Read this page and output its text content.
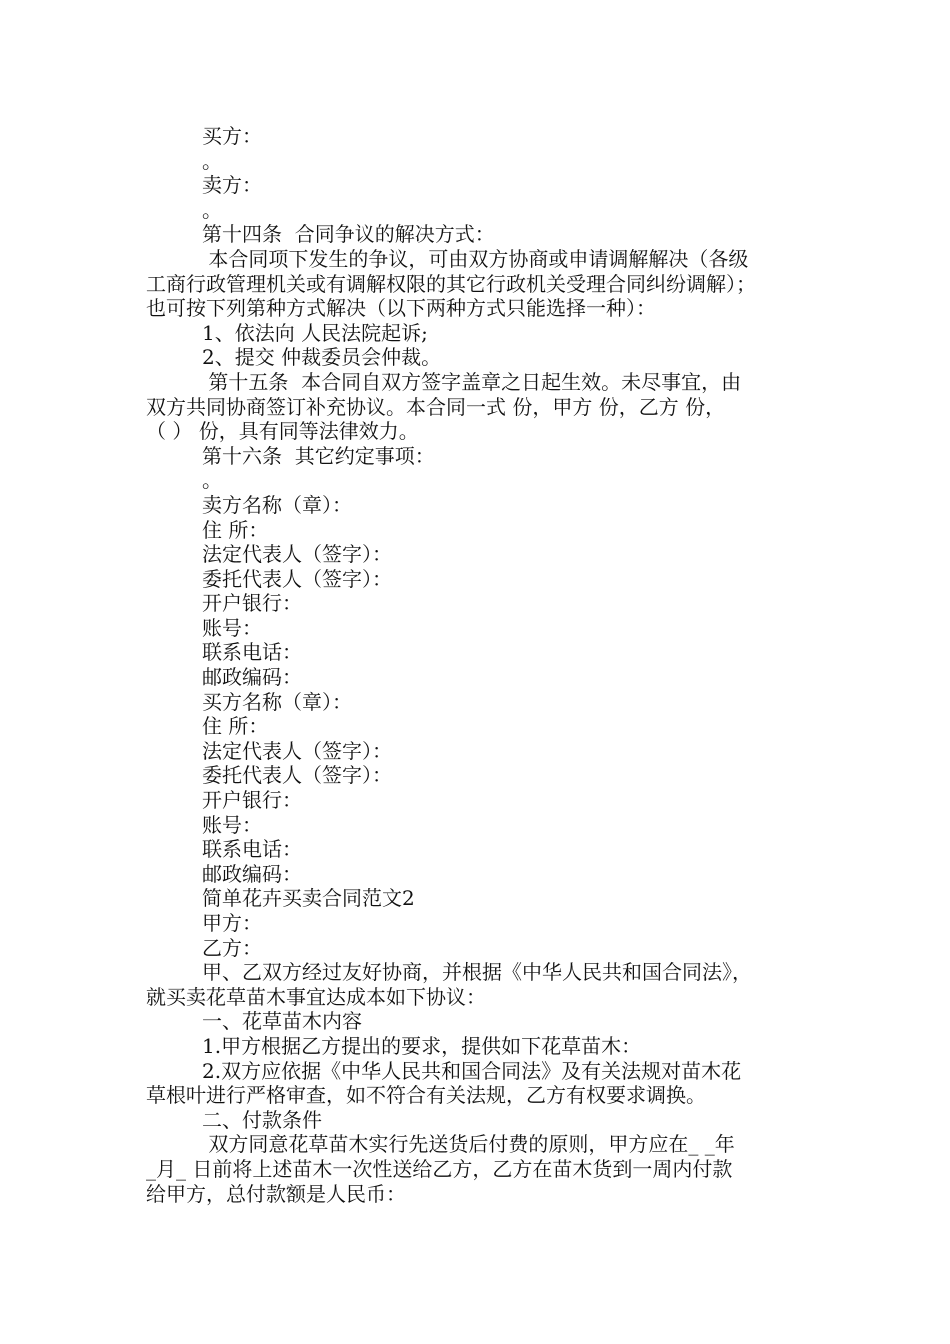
买方：
。
卖方：
。
第十四条  合同争议的解决方式：
本合同项下发生的争议，可由双方协商或申请调解解决（各级
工商行政管理机关或有调解权限的其它行政机关受理合同纠纷调解）；
也可按下列第种方式解决（以下两种方式只能选择一种）：
1、依法向 人民法院起诉;
2、提交 仲裁委员会仲裁。
第十五条  本合同自双方签字盖章之日起生效。未尽事宜，由
双方共同协商签订补充协议。本合同一式 份，甲方 份，乙方 份，
（ ） 份，具有同等法律效力。
第十六条  其它约定事项：
。
卖方名称（章）：
住 所：
法定代表人（签字）：
委托代表人（签字）：
开户银行：
账号：
联系电话：
邮政编码：
买方名称（章）：
住 所：
法定代表人（签字）：
委托代表人（签字）：
开户银行：
账号：
联系电话：
邮政编码：
简单花卉买卖合同范文2
甲方：
乙方：
甲、乙双方经过友好协商，并根据《中华人民共和国合同法》，
就买卖花草苗木事宜达成本如下协议：
一、花草苗木内容
1.甲方根据乙方提出的要求，提供如下花草苗木：
2.双方应依据《中华人民共和国合同法》及有关法规对苗木花
草根叶进行严格审查，如不符合有关法规，乙方有权要求调换。
二、付款条件
双方同意花草苗木实行先送货后付费的原则，甲方应在_ _年
_月_ 日前将上述苗木一次性送给乙方，乙方在苗木货到一周内付款
给甲方，总付款额是人民币：
